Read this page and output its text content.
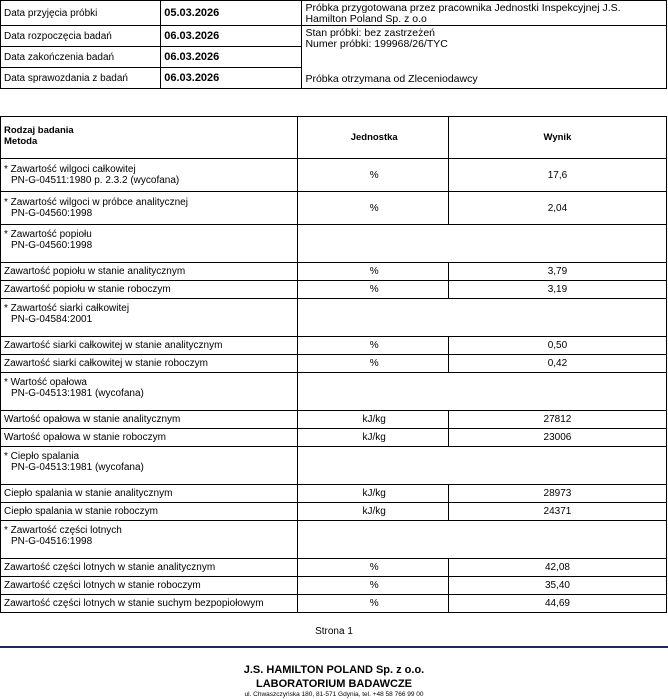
Data przyjęcia próbki	05.03.2026	Próbka przygotowana przez pracownika Jednostki Inspekcyjnej J.S. Hamilton Poland Sp. z o.o
Data rozpoczęcia badań	06.03.2026	Stan próbki: bez zastrzeżeń
Numer próbki: 199968/26/TYC
Próbka otrzymana od Zleceniodawcy

Data zakończenia badań	06.03.2026	
Data sprawozdania z badań	06.03.2026	
Rodzaj badania
Metoda	Jednostka	Wynik

* Zawartość wilgoci całkowitej
PN-G-04511:1980 p. 2.3.2 (wycofana)	%	17,6

* Zawartość wilgoci w próbce analitycznej
PN-G-04560:1998	%	2,04

* Zawartość popiołu
PN-G-04560:1998		

Zawartość popiołu w stanie analitycznym	%	3,79

Zawartość popiołu w stanie roboczym	%	3,19

* Zawartość siarki całkowitej
PN-G-04584:2001		

Zawartość siarki całkowitej w stanie analitycznym	%	0,50

Zawartość siarki całkowitej w stanie roboczym	%	0,42

* Wartość opałowa
PN-G-04513:1981 (wycofana)		

Wartość opałowa w stanie analitycznym	kJ/kg	27812

Wartość opałowa w stanie roboczym	kJ/kg	23006

* Ciepło spalania
PN-G-04513:1981 (wycofana)		

Ciepło spalania w stanie analitycznym	kJ/kg	28973

Ciepło spalania w stanie roboczym	kJ/kg	24371

* Zawartość części lotnych
PN-G-04516:1998		

Zawartość części lotnych w stanie analitycznym	%	42,08

Zawartość części lotnych w stanie roboczym	%	35,40

Zawartość części lotnych w stanie suchym bezpopiołowym	%	44,69
Strona 1
J.S. HAMILTON POLAND Sp. z o.o.
LABORATORIUM BADAWCZE
ul. Chwaszczyńska 180, 81-571 Gdynia, tel. +48 58 766 99 00
